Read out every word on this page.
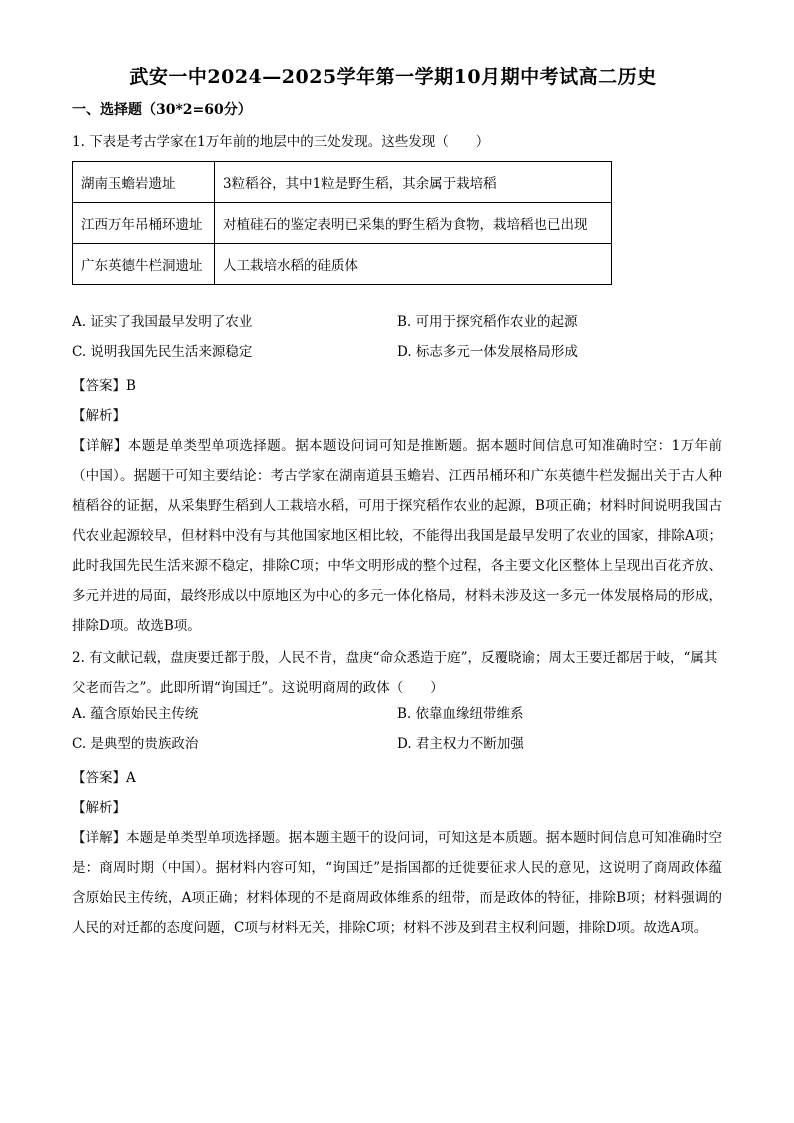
武安一中2024—2025学年第一学期10月期中考试高二历史
一、选择题（30*2=60分）

1. 下表是考古学家在1万年前的地层中的三处发现。这些发现（　　）

湖南玉蟾岩遗址	3粒稻谷，其中1粒是野生稻，其余属于栽培稻
江西万年吊桶环遗址	对植硅石的鉴定表明已采集的野生稻为食物，栽培稻也已出现
广东英德牛栏洞遗址	人工栽培水稻的硅质体
A. 证实了我国最早发明了农业	B. 可用于探究稻作农业的起源
C. 说明我国先民生活来源稳定	D. 标志多元一体发展格局形成
【答案】B
【解析】

【详解】本题是单类型单项选择题。据本题设问词可知是推断题。据本题时间信息可知准确时空：1万年前（中国）。据题干可知主要结论：考古学家在湖南道县玉蟾岩、江西吊桶环和广东英德牛栏发掘出关于古人种植稻谷的证据，从采集野生稻到人工栽培水稻，可用于探究稻作农业的起源，B项正确；材料时间说明我国古代农业起源较早，但材料中没有与其他国家地区相比较，不能得出我国是最早发明了农业的国家，排除A项；此时我国先民生活来源不稳定，排除C项；中华文明形成的整个过程，各主要文化区整体上呈现出百花齐放、多元并进的局面，最终形成以中原地区为中心的多元一体化格局，材料未涉及这一多元一体发展格局的形成，排除D项。故选B项。

2. 有文献记载，盘庚要迁都于殷，人民不肯，盘庚“命众悉造于庭”，反覆晓谕；周太王要迁都居于岐，“属其父老而告之”。此即所谓“询国迁”。这说明商周的政体（　　）

A. 蕴含原始民主传统	B. 依靠血缘纽带维系
C. 是典型的贵族政治	D. 君主权力不断加强
【答案】A
【解析】

【详解】本题是单类型单项选择题。据本题主题干的设问词，可知这是本质题。据本题时间信息可知准确时空是：商周时期（中国）。据材料内容可知，“询国迁”是指国都的迁徙要征求人民的意见，这说明了商周政体蕴含原始民主传统，A项正确；材料体现的不是商周政体维系的纽带，而是政体的特征，排除B项；材料强调的人民的对迁都的态度问题，C项与材料无关，排除C项；材料不涉及到君主权利问题，排除D项。故选A项。
